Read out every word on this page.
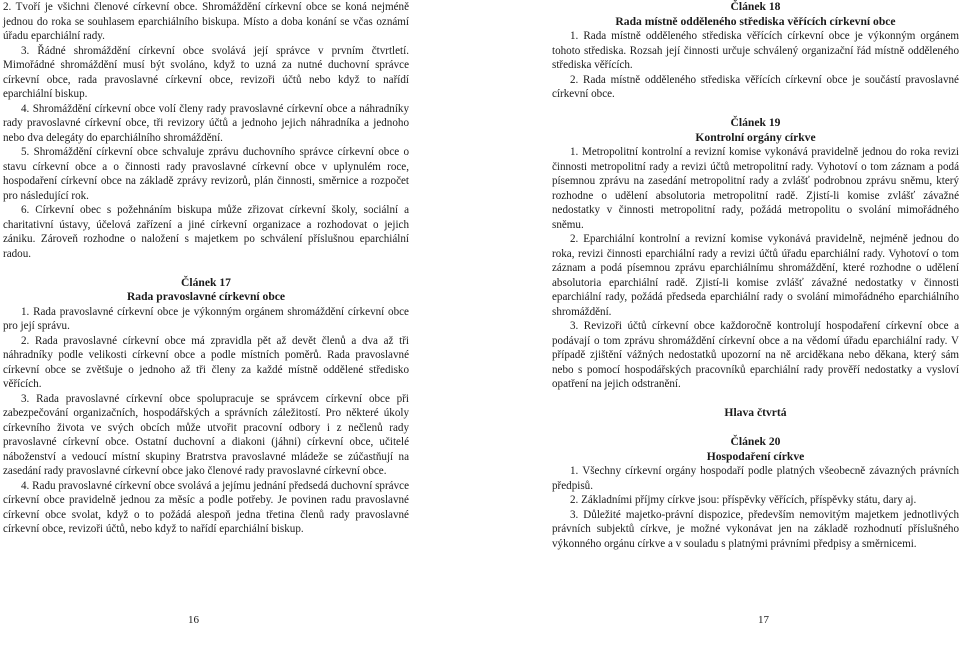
2. Tvoří je všichni členové církevní obce. Shromáždění církevní obce se koná nejméně jednou do roka se souhlasem eparchiálního biskupa. Místo a doba konání se včas oznámí úřadu eparchiální rady.

3. Řádné shromáždění církevní obce svolává její správce v prvním čtvrtletí. Mimořádné shromáždění musí být svoláno, když to uzná za nutné duchovní správce církevní obce, rada pravoslavné církevní obce, revizoři účtů nebo když to nařídí eparchiální biskup.

4. Shromáždění církevní obce volí členy rady pravoslavné církevní obce a náhradníky rady pravoslavné církevní obce, tři revizory účtů a jednoho jejich náhradníka a jednoho nebo dva delegáty do eparchiálního shromáždění.

5. Shromáždění církevní obce schvaluje zprávu duchovního správce církevní obce o stavu církevní obce a o činnosti rady pravoslavné církevní obce v uplynulém roce, hospodaření církevní obce na základě zprávy revizorů, plán činnosti, směrnice a rozpočet pro následující rok.

6. Církevní obec s požehnáním biskupa může zřizovat církevní školy, sociální a charitativní ústavy, účelová zařízení a jiné církevní organizace a rozhodovat o jejich zániku. Zároveň rozhodne o naložení s majetkem po schválení příslušnou eparchiální radou.

Článek 17
Rada pravoslavné církevní obce

1. Rada pravoslavné církevní obce je výkonným orgánem shromáždění církevní obce pro její správu.

2. Rada pravoslavné církevní obce má zpravidla pět až devět členů a dva až tři náhradníky podle velikosti církevní obce a podle místních poměrů. Rada pravoslavné církevní obce se zvětšuje o jednoho až tři členy za každé místně oddělené středisko věřících.

3. Rada pravoslavné církevní obce spolupracuje se správcem církevní obce při zabezpečování organizačních, hospodářských a správních záležitostí. Pro některé úkoly církevního života ve svých obcích může utvořit pracovní odbory i z nečlenů rady pravoslavné církevní obce. Ostatní duchovní a diakoni (jáhni) církevní obce, učitelé náboženství a vedoucí místní skupiny Bratrstva pravoslavné mládeže se zúčastňují na zasedání rady pravoslavné církevní obce jako členové rady pravoslavné církevní obce.

4. Radu pravoslavné církevní obce svolává a jejímu jednání předsedá duchovní správce církevní obce pravidelně jednou za měsíc a podle potřeby. Je povinen radu pravoslavné církevní obce svolat, když o to požádá alespoň jedna třetina členů rady pravoslavné církevní obce, revizoři účtů, nebo když to nařídí eparchiální biskup.

Článek 18
Rada místně odděleného střediska věřících církevní obce

1. Rada místně odděleného střediska věřících církevní obce je výkonným orgánem tohoto střediska. Rozsah její činnosti určuje schválený organizační řád místně odděleného střediska věřících.

2. Rada místně odděleného střediska věřících církevní obce je součástí pravoslavné církevní obce.

Článek 19
Kontrolní orgány církve

1. Metropolitní kontrolní a revizní komise vykonává pravidelně jednou do roka revizi činnosti metropolitní rady a revizi účtů metropolitní rady. Vyhotoví o tom záznam a podá písemnou zprávu na zasedání metropolitní rady a zvlášť podrobnou zprávu sněmu, který rozhodne o udělení absolutoria metropolitní radě. Zjistí-li komise zvlášť závažné nedostatky v činnosti metropolitní rady, požádá metropolitu o svolání mimořádného sněmu.

2. Eparchiální kontrolní a revizní komise vykonává pravidelně, nejméně jednou do roka, revizi činnosti eparchiální rady a revizi účtů úřadu eparchiální rady. Vyhotoví o tom záznam a podá písemnou zprávu eparchiálnímu shromáždění, které rozhodne o udělení absolutoria eparchiální radě. Zjistí-li komise zvlášť závažné nedostatky v činnosti eparchiální rady, požádá předseda eparchiální rady o svolání mimořádného eparchiálního shromáždění.

3. Revizoři účtů církevní obce každoročně kontrolují hospodaření církevní obce a podávají o tom zprávu shromáždění církevní obce a na vědomí úřadu eparchiální rady. V případě zjištění vážných nedostatků upozorní na ně arciděkana nebo děkana, který sám nebo s pomocí hospodářských pracovníků eparchiální rady prověří nedostatky a vysloví opatření na jejich odstranění.

Hlava čtvrtá
Článek 20
Hospodaření církve

1. Všechny církevní orgány hospodaří podle platných všeobecně závazných právních předpisů.

2. Základními příjmy církve jsou: příspěvky věřících, příspěvky státu, dary aj.

3. Důležité majetko-právní dispozice, především nemovitým majetkem jednotlivých právních subjektů církve, je možné vykonávat jen na základě rozhodnutí příslušného výkonného orgánu církve a v souladu s platnými právními předpisy a směrnicemi.

16	17
